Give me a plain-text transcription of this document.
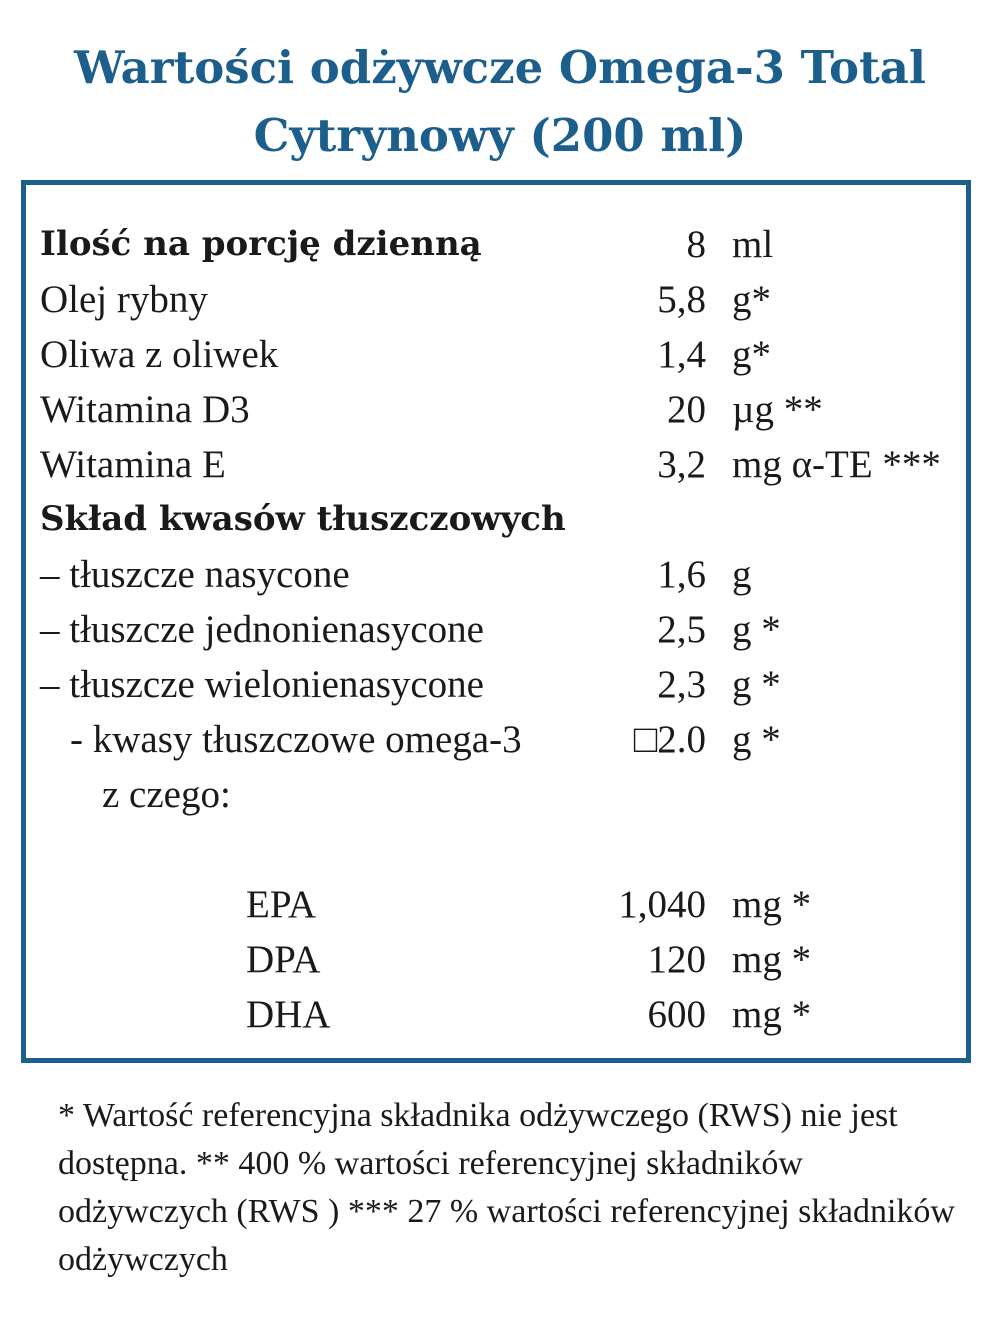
Wartości odżywcze Omega-3 Total
Cytrynowy (200 ml)
Ilość na porcję dzienną	8 ml
Olej rybny	5,8 g*
Oliwa z oliwek	1,4 g*
Witamina D3	20 µg **
Witamina E	3,2 mg α-TE ***
Skład kwasów tłuszczowych
– tłuszcze nasycone	1,6 g
– tłuszcze jednonienasycone	2,5 g *
– tłuszcze wielonienasycone	2,3 g *
- kwasy tłuszczowe omega-3	□2.0 g *
z czego:
EPA	1,040 mg *
DPA	120 mg *
DHA	600 mg *
* Wartość referencyjna składnika odżywczego (RWS) nie jest dostępna. ** 400 % wartości referencyjnej składników odżywczych (RWS ) *** 27 % wartości referencyjnej składników odżywczych
